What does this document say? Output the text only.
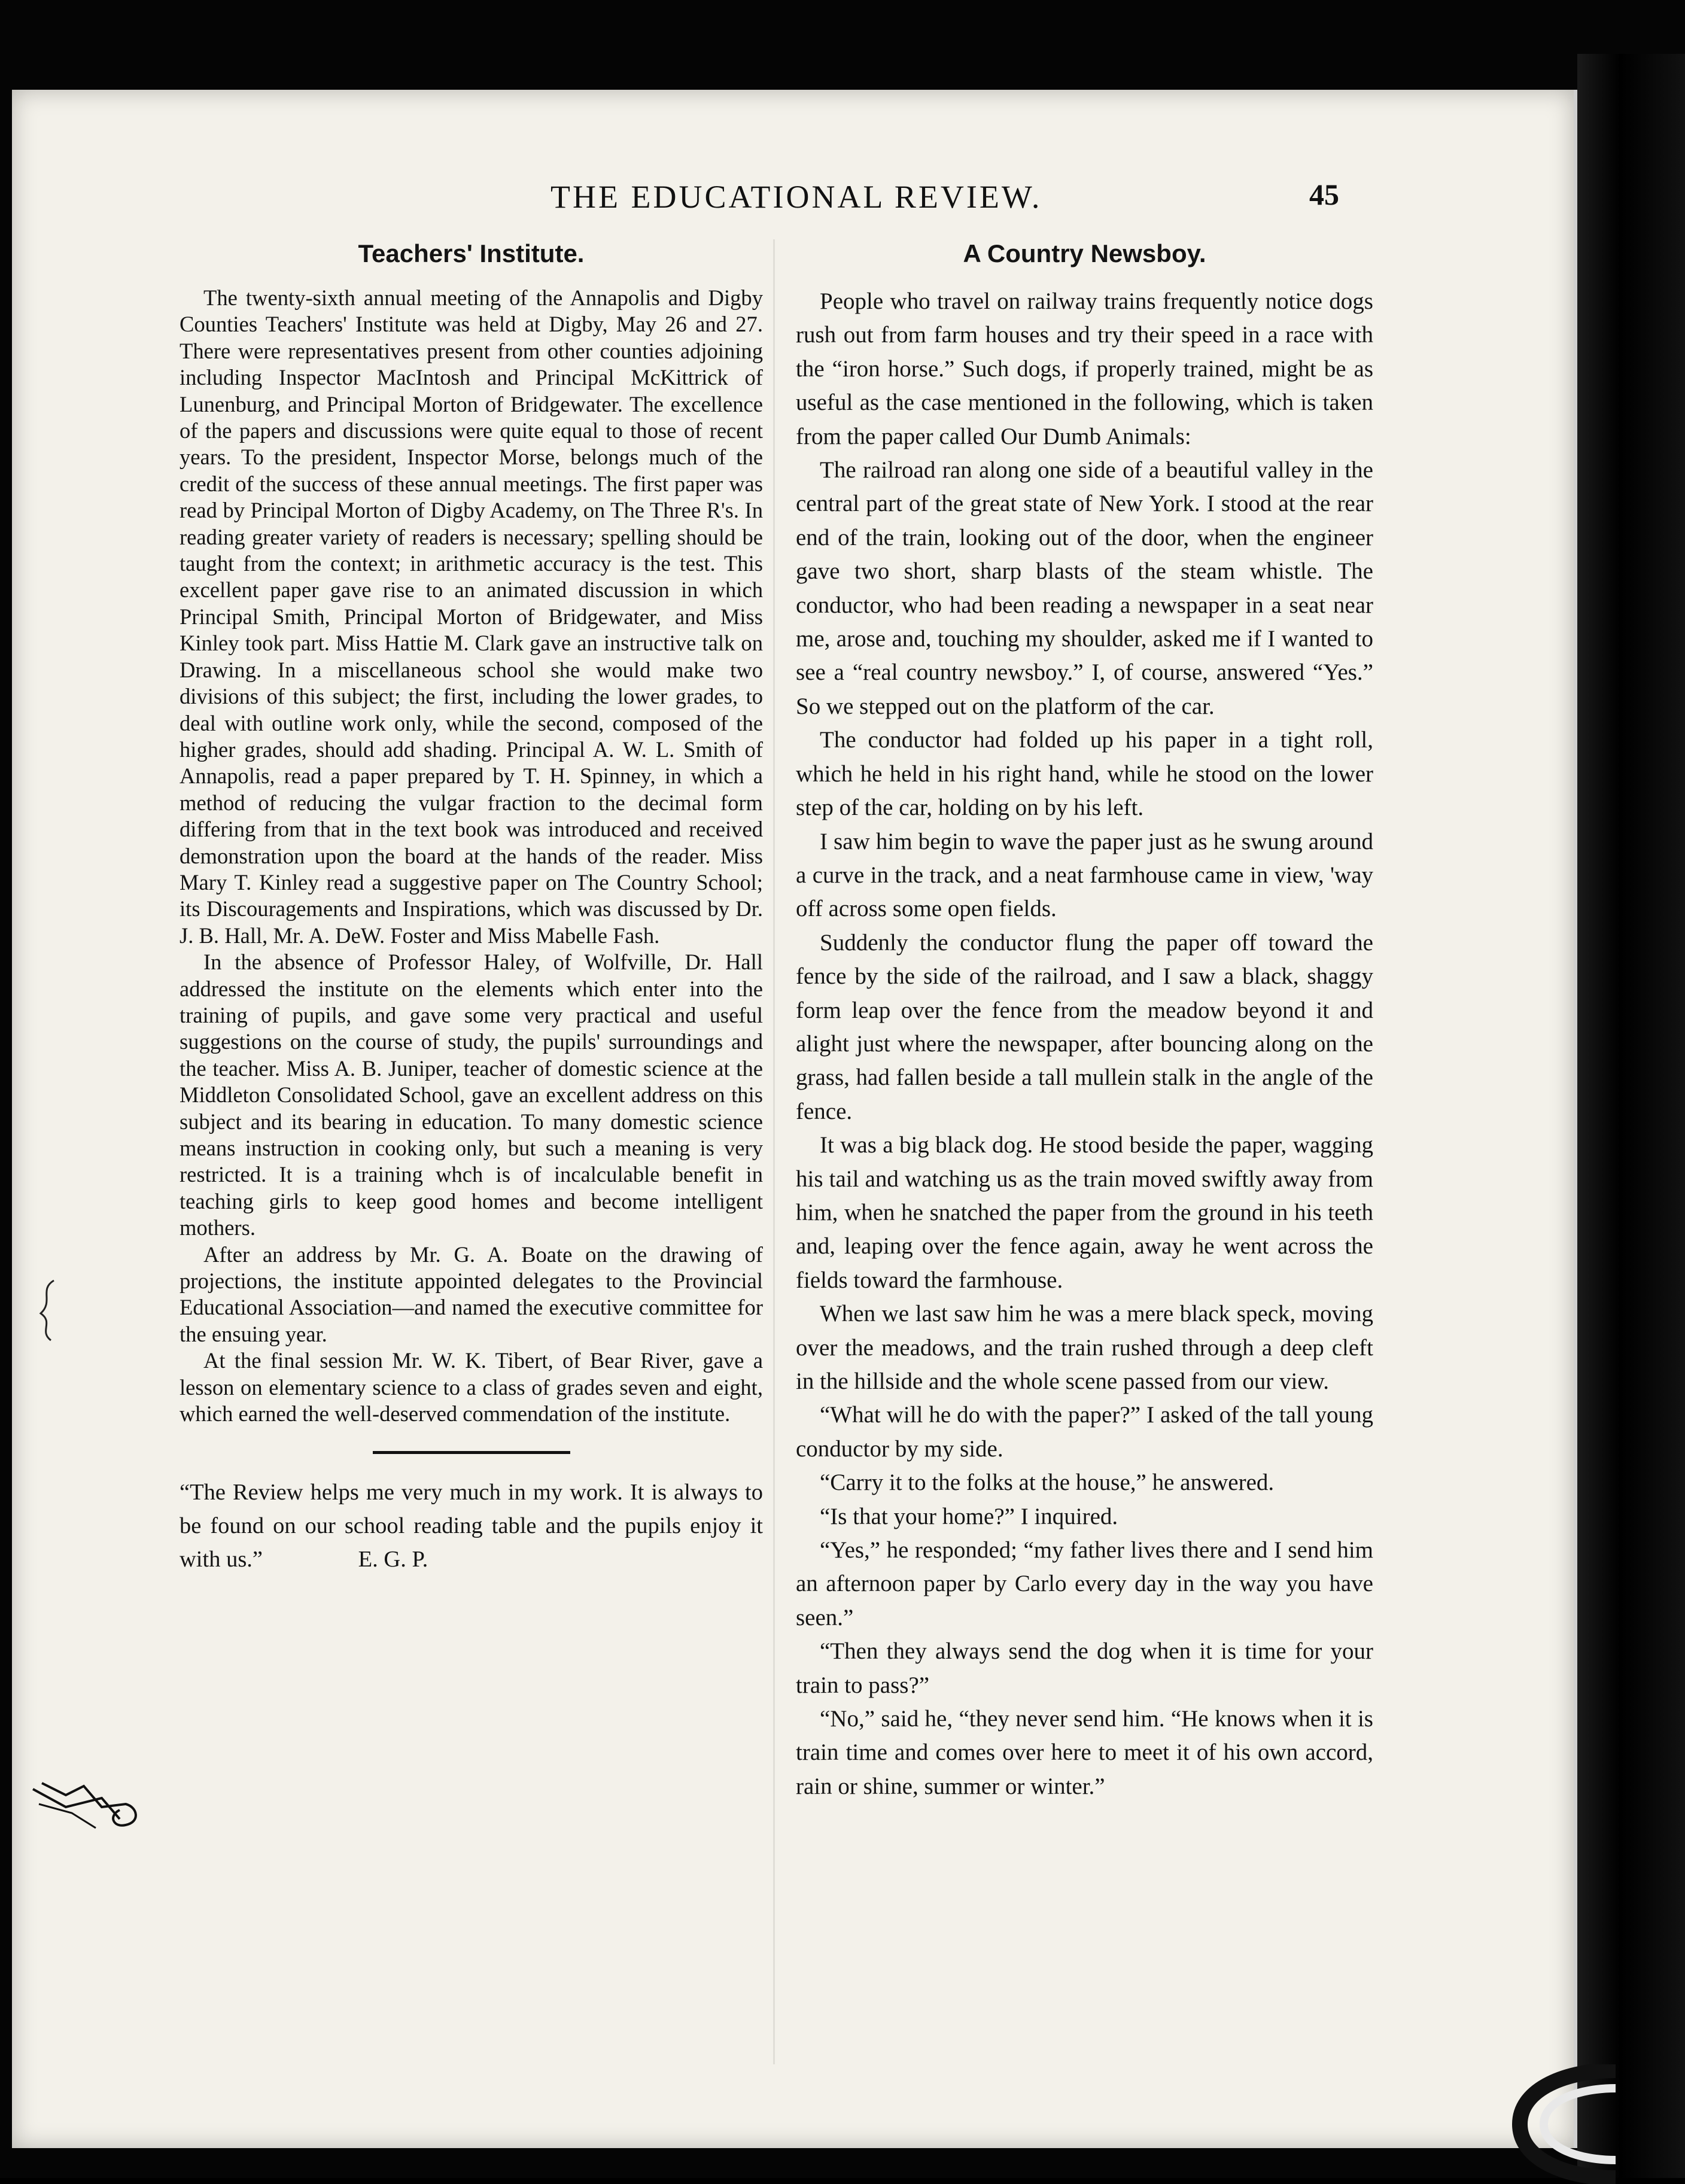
THE EDUCATIONAL REVIEW.	45
Teachers' Institute.

The twenty-sixth annual meeting of the Annapolis and Digby Counties Teachers' Institute was held at Digby, May 26 and 27. There were representatives present from other counties adjoining including Inspector MacIntosh and Principal McKittrick of Lunenburg, and Principal Morton of Bridgewater. The excellence of the papers and discussions were quite equal to those of recent years. To the president, Inspector Morse, belongs much of the credit of the success of these annual meetings. The first paper was read by Principal Morton of Digby Academy, on The Three R's. In reading greater variety of readers is necessary; spelling should be taught from the context; in arithmetic accuracy is the test. This excellent paper gave rise to an animated discussion in which Principal Smith, Principal Morton of Bridgewater, and Miss Kinley took part. Miss Hattie M. Clark gave an instructive talk on Drawing. In a miscellaneous school she would make two divisions of this subject; the first, including the lower grades, to deal with outline work only, while the second, composed of the higher grades, should add shading. Principal A. W. L. Smith of Annapolis, read a paper prepared by T. H. Spinney, in which a method of reducing the vulgar fraction to the decimal form differing from that in the text book was introduced and received demonstration upon the board at the hands of the reader. Miss Mary T. Kinley read a suggestive paper on The Country School; its Discouragements and Inspirations, which was discussed by Dr. J. B. Hall, Mr. A. DeW. Foster and Miss Mabelle Fash.

In the absence of Professor Haley, of Wolfville, Dr. Hall addressed the institute on the elements which enter into the training of pupils, and gave some very practical and useful suggestions on the course of study, the pupils' surroundings and the teacher. Miss A. B. Juniper, teacher of domestic science at the Middleton Consolidated School, gave an excellent address on this subject and its bearing in education. To many domestic science means instruction in cooking only, but such a meaning is very restricted. It is a training whch is of incalculable benefit in teaching girls to keep good homes and become intelligent mothers.

After an address by Mr. G. A. Boate on the drawing of projections, the institute appointed delegates to the Provincial Educational Association—and named the executive committee for the ensuing year.

At the final session Mr. W. K. Tibert, of Bear River, gave a lesson on elementary science to a class of grades seven and eight, which earned the well-deserved commendation of the institute.

“The Review helps me very much in my work. It is always to be found on our school reading table and the pupils enjoy it with us.”	E. G. P.
A Country Newsboy.

People who travel on railway trains frequently notice dogs rush out from farm houses and try their speed in a race with the “iron horse.” Such dogs, if properly trained, might be as useful as the case mentioned in the following, which is taken from the paper called Our Dumb Animals:

The railroad ran along one side of a beautiful valley in the central part of the great state of New York. I stood at the rear end of the train, looking out of the door, when the engineer gave two short, sharp blasts of the steam whistle. The conductor, who had been reading a newspaper in a seat near me, arose and, touching my shoulder, asked me if I wanted to see a “real country newsboy.” I, of course, answered “Yes.” So we stepped out on the platform of the car.

The conductor had folded up his paper in a tight roll, which he held in his right hand, while he stood on the lower step of the car, holding on by his left.

I saw him begin to wave the paper just as he swung around a curve in the track, and a neat farmhouse came in view, 'way off across some open fields.

Suddenly the conductor flung the paper off toward the fence by the side of the railroad, and I saw a black, shaggy form leap over the fence from the meadow beyond it and alight just where the newspaper, after bouncing along on the grass, had fallen beside a tall mullein stalk in the angle of the fence.

It was a big black dog. He stood beside the paper, wagging his tail and watching us as the train moved swiftly away from him, when he snatched the paper from the ground in his teeth and, leaping over the fence again, away he went across the fields toward the farmhouse.

When we last saw him he was a mere black speck, moving over the meadows, and the train rushed through a deep cleft in the hillside and the whole scene passed from our view.

“What will he do with the paper?” I asked of the tall young conductor by my side.

“Carry it to the folks at the house,” he answered.

“Is that your home?” I inquired.

“Yes,” he responded; “my father lives there and I send him an afternoon paper by Carlo every day in the way you have seen.”

“Then they always send the dog when it is time for your train to pass?”

“No,” said he, “they never send him. “He knows when it is train time and comes over here to meet it of his own accord, rain or shine, summer or winter.”
